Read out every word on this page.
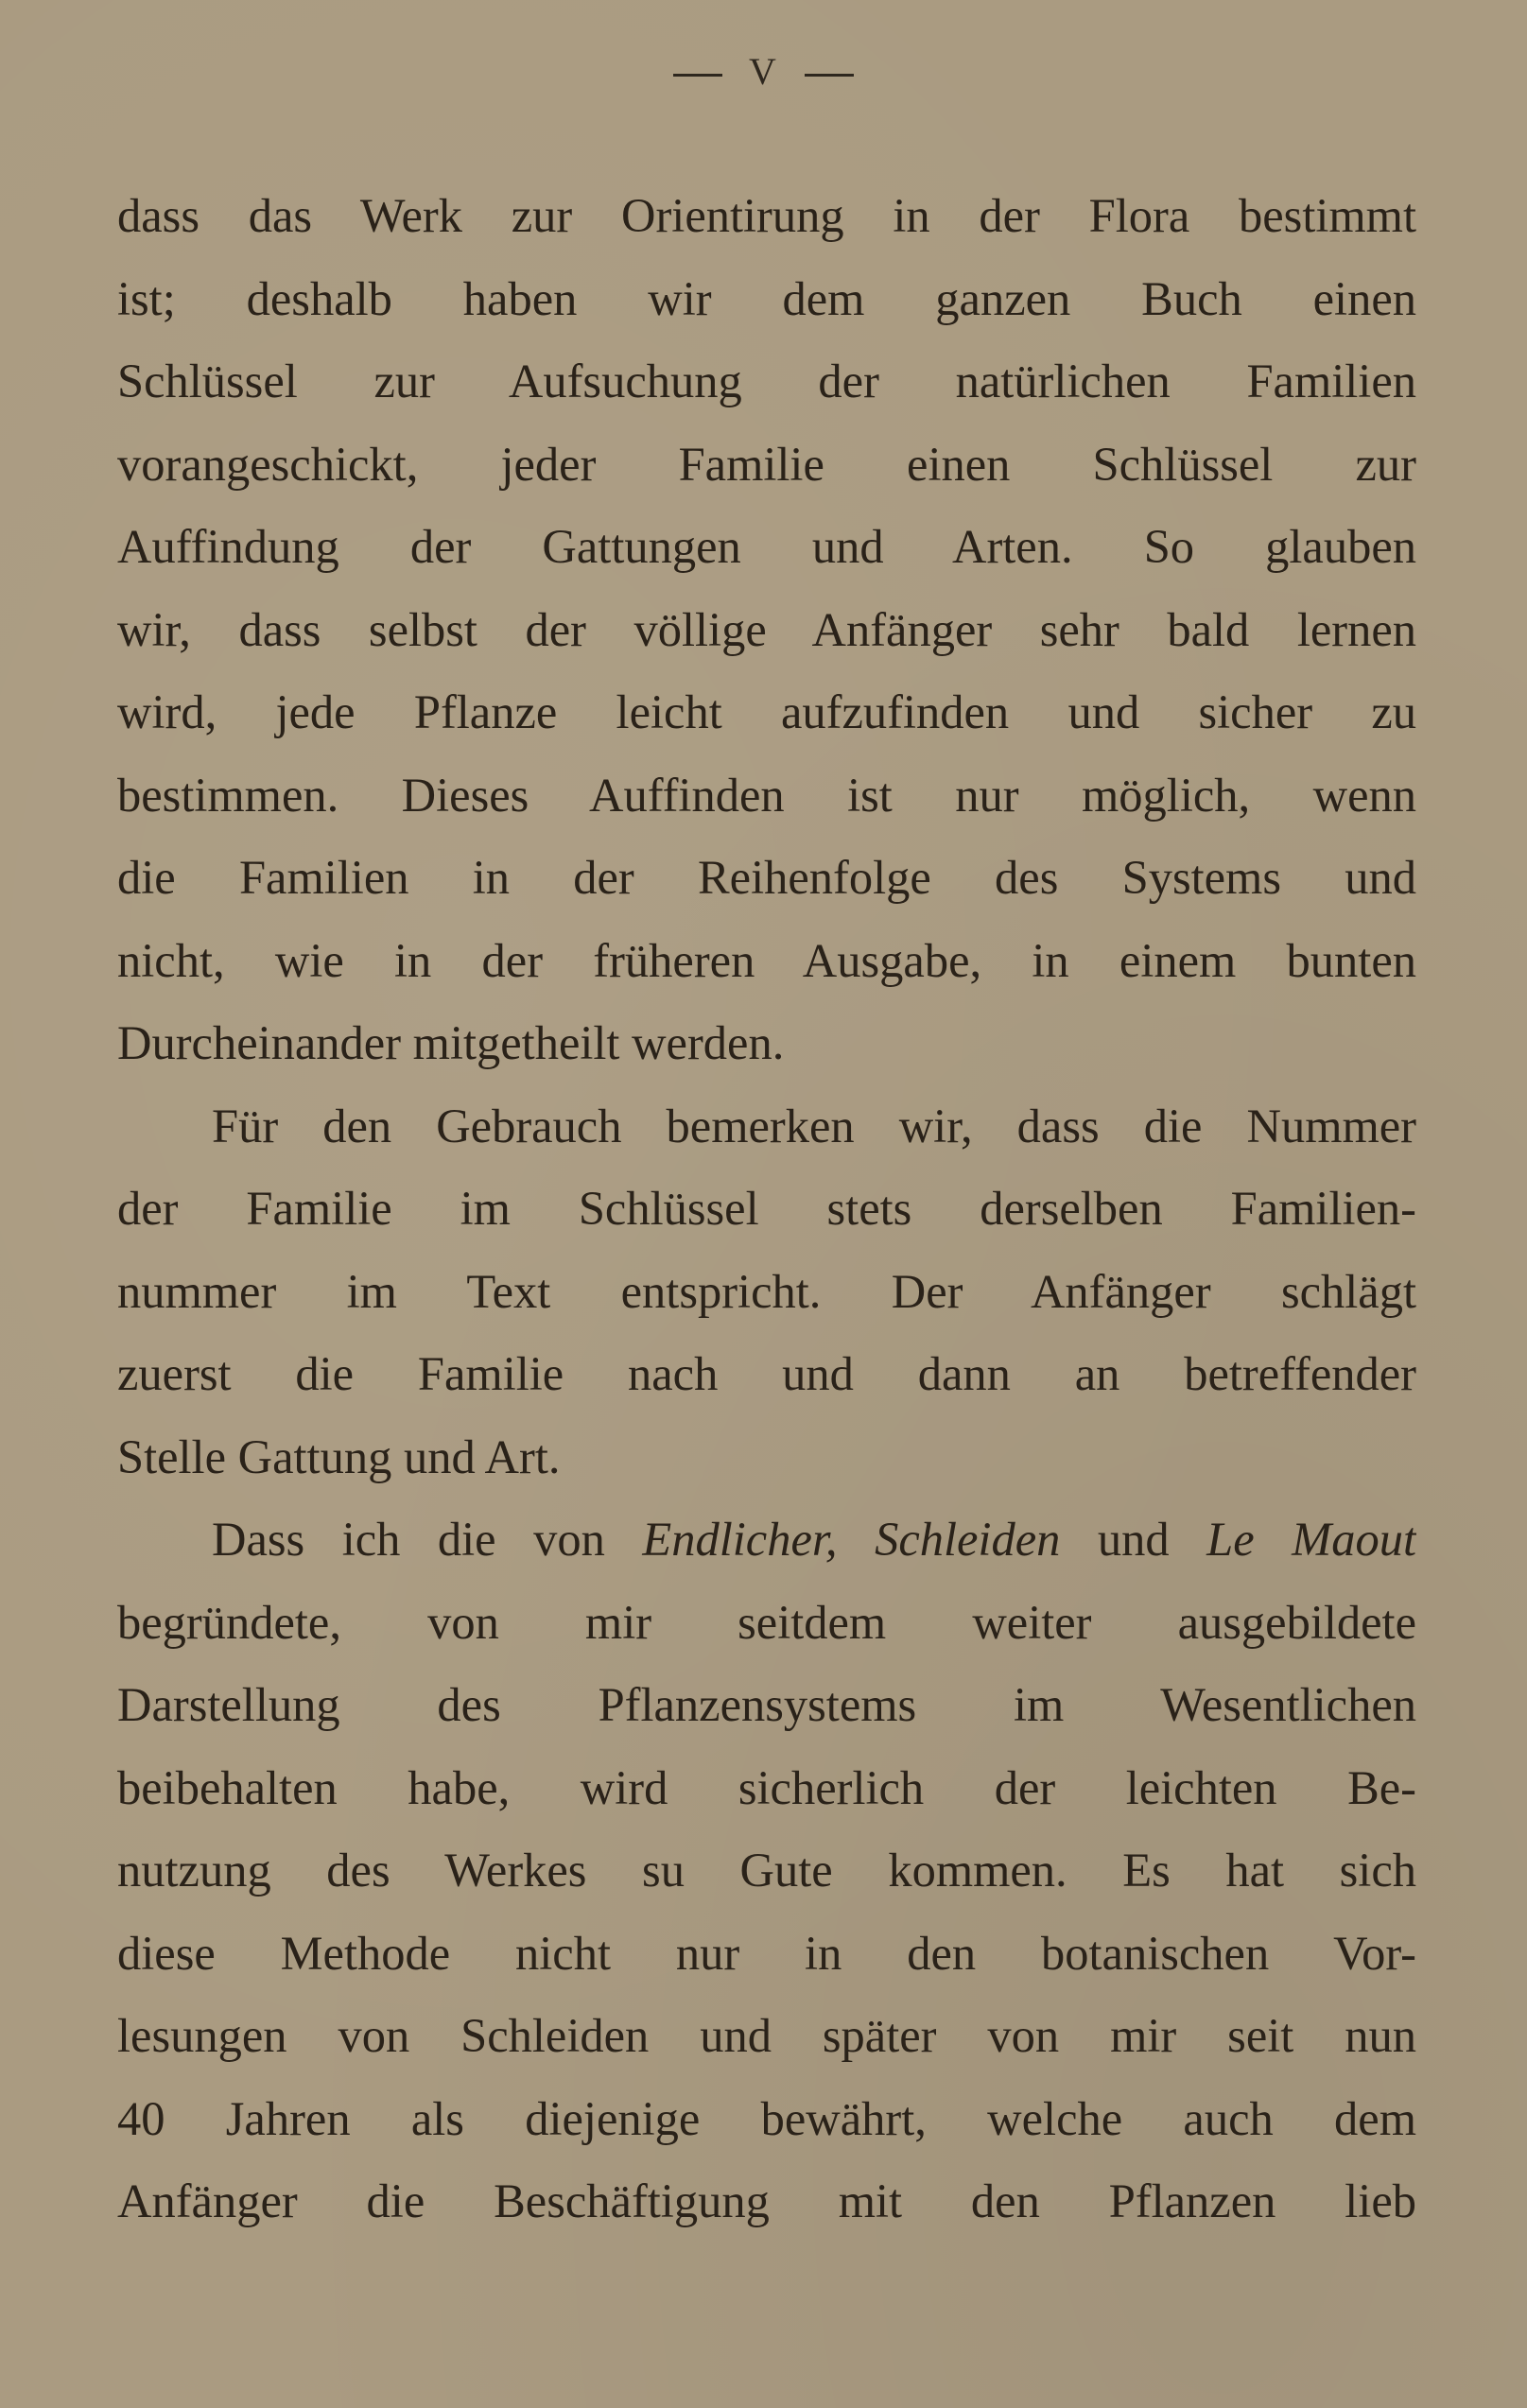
V
dass das Werk zur Orientirung in der Flora bestimmt
ist; deshalb haben wir dem ganzen Buch einen
Schlüssel zur Aufsuchung der natürlichen Familien
vorangeschickt, jeder Familie einen Schlüssel zur
Auffindung der Gattungen und Arten. So glauben
wir, dass selbst der völlige Anfänger sehr bald lernen
wird, jede Pflanze leicht aufzufinden und sicher zu
bestimmen. Dieses Auffinden ist nur möglich, wenn
die Familien in der Reihenfolge des Systems und
nicht, wie in der früheren Ausgabe, in einem bunten
Durcheinander mitgetheilt werden.
Für den Gebrauch bemerken wir, dass die Nummer
der Familie im Schlüssel stets derselben Familien-
nummer im Text entspricht. Der Anfänger schlägt
zuerst die Familie nach und dann an betreffender
Stelle Gattung und Art.
Dass ich die von Endlicher, Schleiden und Le Maout
begründete, von mir seitdem weiter ausgebildete
Darstellung des Pflanzensystems im Wesentlichen
beibehalten habe, wird sicherlich der leichten Be-
nutzung des Werkes su Gute kommen. Es hat sich
diese Methode nicht nur in den botanischen Vor-
lesungen von Schleiden und später von mir seit nun
40 Jahren als diejenige bewährt, welche auch dem
Anfänger die Beschäftigung mit den Pflanzen lieb
